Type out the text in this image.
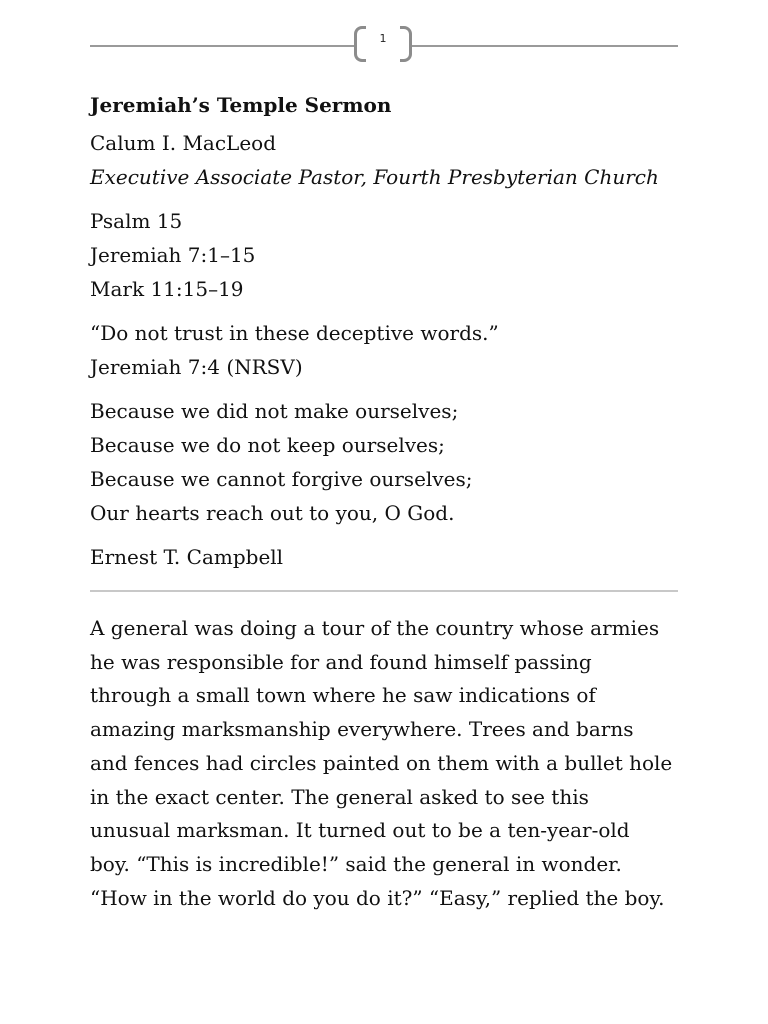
1
Jeremiah’s Temple Sermon

Calum I. MacLeod

Executive Associate Pastor, Fourth Presbyterian Church

Psalm 15

Jeremiah 7:1–15

Mark 11:15–19

“Do not trust in these deceptive words.”

Jeremiah 7:4 (NRSV)

Because we did not make ourselves;

Because we do not keep ourselves;

Because we cannot forgive ourselves;

Our hearts reach out to you, O God.

Ernest T. Campbell

A general was doing a tour of the country whose armies

he was responsible for and found himself passing

through a small town where he saw indications of

amazing marksmanship everywhere. Trees and barns

and fences had circles painted on them with a bullet hole

in the exact center. The general asked to see this

unusual marksman. It turned out to be a ten-year-old

boy. “This is incredible!” said the general in wonder.

“How in the world do you do it?” “Easy,” replied the boy.
